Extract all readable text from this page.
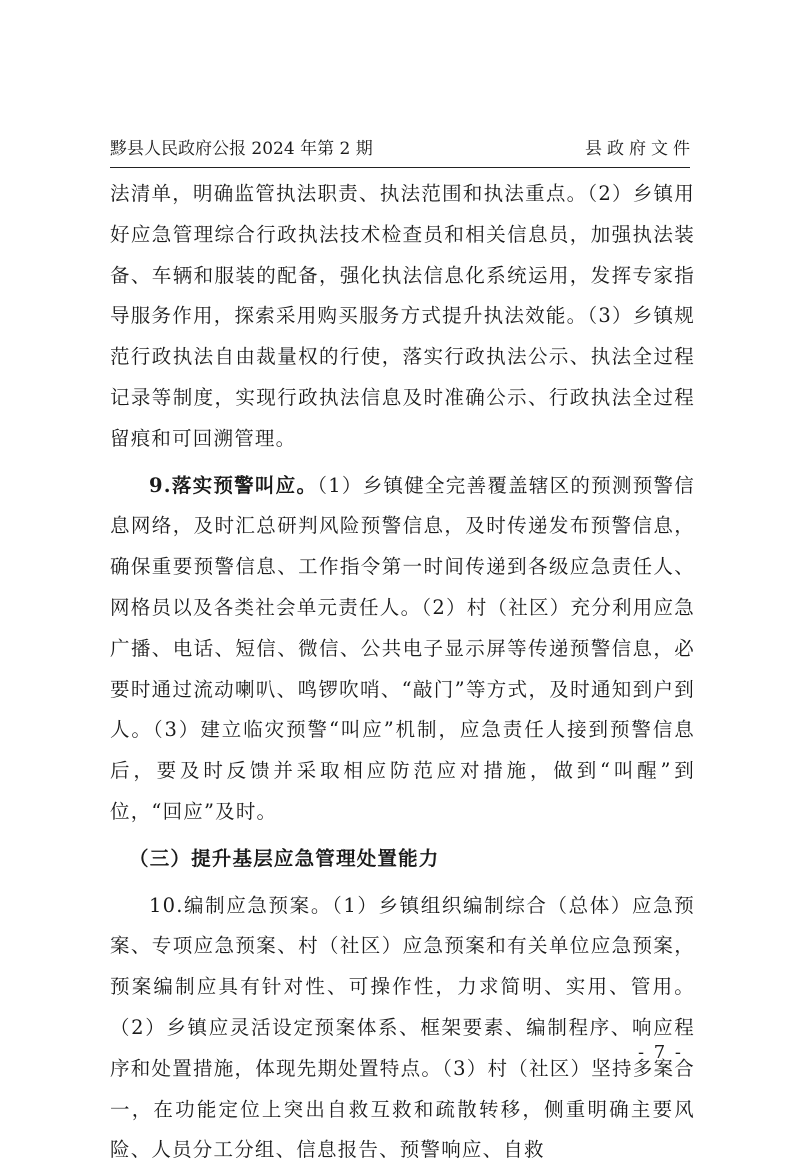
黟县人民政府公报 2024 年第 2 期	县政府文件

法清单，明确监管执法职责、执法范围和执法重点。（2）乡镇用好应急管理综合行政执法技术检查员和相关信息员，加强执法装备、车辆和服装的配备，强化执法信息化系统运用，发挥专家指导服务作用，探索采用购买服务方式提升执法效能。（3）乡镇规范行政执法自由裁量权的行使，落实行政执法公示、执法全过程记录等制度，实现行政执法信息及时准确公示、行政执法全过程留痕和可回溯管理。

9.落实预警叫应。（1）乡镇健全完善覆盖辖区的预测预警信息网络，及时汇总研判风险预警信息，及时传递发布预警信息，确保重要预警信息、工作指令第一时间传递到各级应急责任人、网格员以及各类社会单元责任人。（2）村（社区）充分利用应急广播、电话、短信、微信、公共电子显示屏等传递预警信息，必要时通过流动喇叭、鸣锣吹哨、“敲门”等方式，及时通知到户到人。（3）建立临灾预警“叫应”机制，应急责任人接到预警信息后，要及时反馈并采取相应防范应对措施，做到“叫醒”到位，“回应”及时。

（三）提升基层应急管理处置能力

10.编制应急预案。（1）乡镇组织编制综合（总体）应急预案、专项应急预案、村（社区）应急预案和有关单位应急预案，预案编制应具有针对性、可操作性，力求简明、实用、管用。（2）乡镇应灵活设定预案体系、框架要素、编制程序、响应程序和处置措施，体现先期处置特点。（3）村（社区）坚持多案合一，在功能定位上突出自救互救和疏散转移，侧重明确主要风险、人员分工分组、信息报告、预警响应、自救

- 7 -
